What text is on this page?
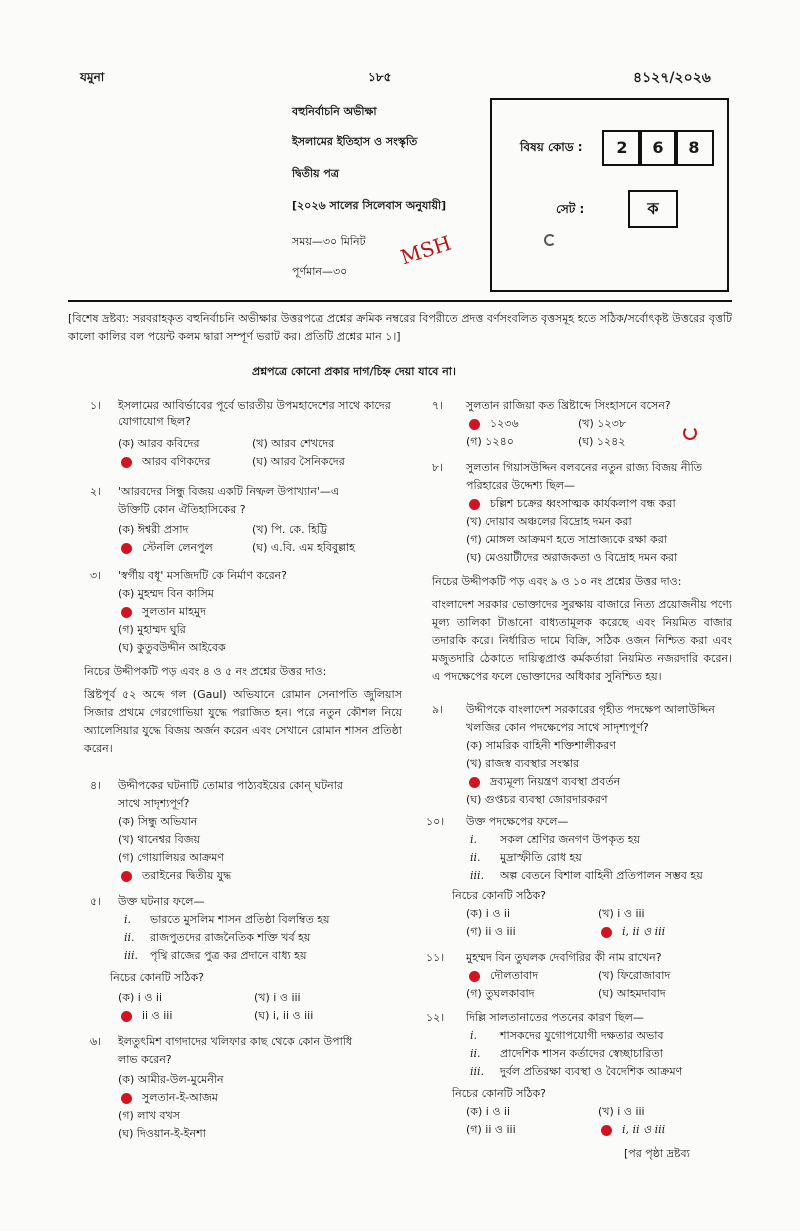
যমুনা	১৮৫	৪১২৭/২০২৬
বহুনির্বাচনি অভীক্ষা
ইসলামের ইতিহাস ও সংস্কৃতি
দ্বিতীয় পত্র
[২০২৬ সালের সিলেবাস অনুযায়ী]
সময়—৩০ মিনিট
পূর্ণমান—৩০
MSH
বিষয় কোড :	2	6	8
সেট :	ক
[বিশেষ দ্রষ্টব্য: সরবরাহকৃত বহুনির্বাচনি অভীক্ষার উত্তরপত্রে প্রশ্নের ক্রমিক নম্বরের বিপরীতে প্রদত্ত বর্ণসংবলিত বৃত্তসমূহ হতে সঠিক/সর্বোৎকৃষ্ট উত্তরের বৃত্তটি কালো কালির বল পয়েন্ট কলম দ্বারা সম্পূর্ণ ভরাট কর। প্রতিটি প্রশ্নের মান ১।]
প্রশ্নপত্রে কোনো প্রকার দাগ/চিহ্ন দেয়া যাবে না।
১। ইসলামের আবির্ভাবের পূর্বে ভারতীয় উপমহাদেশের সাথে কাদের যোগাযোগ ছিল?
(ক) আরব কবিদের	(খ) আরব শেখদের
আরব বণিকদের	(ঘ) আরব সৈনিকদের
২। 'আরবদের সিন্ধু বিজয় একটি নিষ্ফল উপাখ্যান'—এ
উক্তিটি কোন ঐতিহাসিকের ?
(ক) ঈশ্বরী প্রসাদ	(খ) পি. কে. হিট্টি
স্টেনলি লেনপুল	(ঘ) এ.বি. এম হবিবুল্লাহ
৩। 'স্বর্গীয় বধূ' মসজিদটি কে নির্মাণ করেন?
(ক) মুহম্মদ বিন কাসিম
সুলতান মাহমুদ
(গ) মুহাম্মদ ঘুরি
(ঘ) কুতুবউদ্দীন আইবেক
নিচের উদ্দীপকটি পড় এবং ৪ ও ৫ নং প্রশ্নের উত্তর দাও:
খ্রিষ্টপূর্ব ৫২ অব্দে গল (Gaul) অভিযানে রোমান সেনাপতি জুলিয়াস সিজার প্রথমে গেরগোভিয়া যুদ্ধে পরাজিত হন। পরে নতুন কৌশল নিয়ে অ্যালেসিয়ার যুদ্ধে বিজয় অর্জন করেন এবং সেখানে রোমান শাসন প্রতিষ্ঠা করেন।
৪। উদ্দীপকের ঘটনাটি তোমার পাঠ্যবইয়ের কোন্ ঘটনার
সাথে সাদৃশ্যপূর্ণ?
(ক) সিন্ধু অভিযান
(খ) থানেশ্বর বিজয়
(গ) গোয়ালিয়র আক্রমণ
তরাইনের দ্বিতীয় যুদ্ধ
৫। উক্ত ঘটনার ফলে—
i. ভারতে মুসলিম শাসন প্রতিষ্ঠা বিলম্বিত হয়
ii. রাজপুতদের রাজনৈতিক শক্তি খর্ব হয়
iii. পৃথ্বি রাজের পুত্র কর প্রদানে বাধ্য হয়
নিচের কোনটি সঠিক?
(ক) i ও ii	(খ) i ও iii
ii ও iii	(ঘ) i, ii ও iii
৬। ইলতুৎমিশ বাগদাদের খলিফার কাছ থেকে কোন উপাধি
লাভ করেন?
(ক) আমীর-উল-মুমেনীন
সুলতান-ই-আজম
(গ) লাখ বখস
(ঘ) দিওয়ান-ই-ইনশা
৭। সুলতান রাজিয়া কত খ্রিষ্টাব্দে সিংহাসনে বসেন?
১২৩৬	(খ) ১২৩৮
(গ) ১২৪০	(ঘ) ১২৪২
৮। সুলতান গিয়াসউদ্দিন বলবনের নতুন রাজ্য বিজয় নীতি
পরিহারের উদ্দেশ্য ছিল—
চল্লিশ চক্রের ধ্বংসাত্মক কার্যকলাপ বন্ধ করা
(খ) দোয়াব অঞ্চলের বিদ্রোহ দমন করা
(গ) মোঙ্গল আক্রমণ হতে সাম্রাজ্যকে রক্ষা করা
(ঘ) মেওয়াটীদের অরাজকতা ও বিদ্রোহ দমন করা
নিচের উদ্দীপকটি পড় এবং ৯ ও ১০ নং প্রশ্নের উত্তর দাও:
বাংলাদেশ সরকার ভোক্তাদের সুরক্ষায় বাজারে নিত্য প্রয়োজনীয় পণ্যে মূল্য তালিকা টাঙানো বাধ্যতামূলক করেছে এবং নিয়মিত বাজার তদারকি করে। নির্ধারিত দামে বিক্রি, সঠিক ওজন নিশ্চিত করা এবং মজুতদারি ঠেকাতে দায়িত্বপ্রাপ্ত কর্মকর্তারা নিয়মিত নজরদারি করেন। এ পদক্ষেপের ফলে ভোক্তাদের অধিকার সুনিশ্চিত হয়।
৯। উদ্দীপকে বাংলাদেশ সরকারের গৃহীত পদক্ষেপ আলাউদ্দিন
খলজির কোন পদক্ষেপের সাথে সাদৃশ্যপূর্ণ?
(ক) সামরিক বাহিনী শক্তিশালীকরণ
(খ) রাজস্ব ব্যবস্থার সংস্কার
দ্রব্যমূল্য নিয়ন্ত্রণ ব্যবস্থা প্রবর্তন
(ঘ) গুপ্তচর ব্যবস্থা জোরদারকরণ
১০। উক্ত পদক্ষেপের ফলে—
i. সকল শ্রেণির জনগণ উপকৃত হয়
ii. মুদ্রাস্ফীতি রোধ হয়
iii. অল্প বেতনে বিশাল বাহিনী প্রতিপালন সম্ভব হয়
নিচের কোনটি সঠিক?
(ক) i ও ii	(খ) i ও iii
(গ) ii ও iii	i, ii ও iii
১১। মুহম্মদ বিন তুঘলক দেবগিরির কী নাম রাখেন?
দৌলতাবাদ	(খ) ফিরোজাবাদ
(গ) তুঘলকাবাদ	(ঘ) আহমদাবাদ
১২। দিল্লি সালতানাতের পতনের কারণ ছিল—
i. শাসকদের যুগোপযোগী দক্ষতার অভাব
ii. প্রাদেশিক শাসন কর্তাদের স্বেচ্ছাচারিতা
iii. দুর্বল প্রতিরক্ষা ব্যবস্থা ও বৈদেশিক আক্রমণ
নিচের কোনটি সঠিক?
(ক) i ও ii	(খ) i ও iii
(গ) ii ও iii	i, ii ও iii
[পর পৃষ্ঠা দ্রষ্টব্য
